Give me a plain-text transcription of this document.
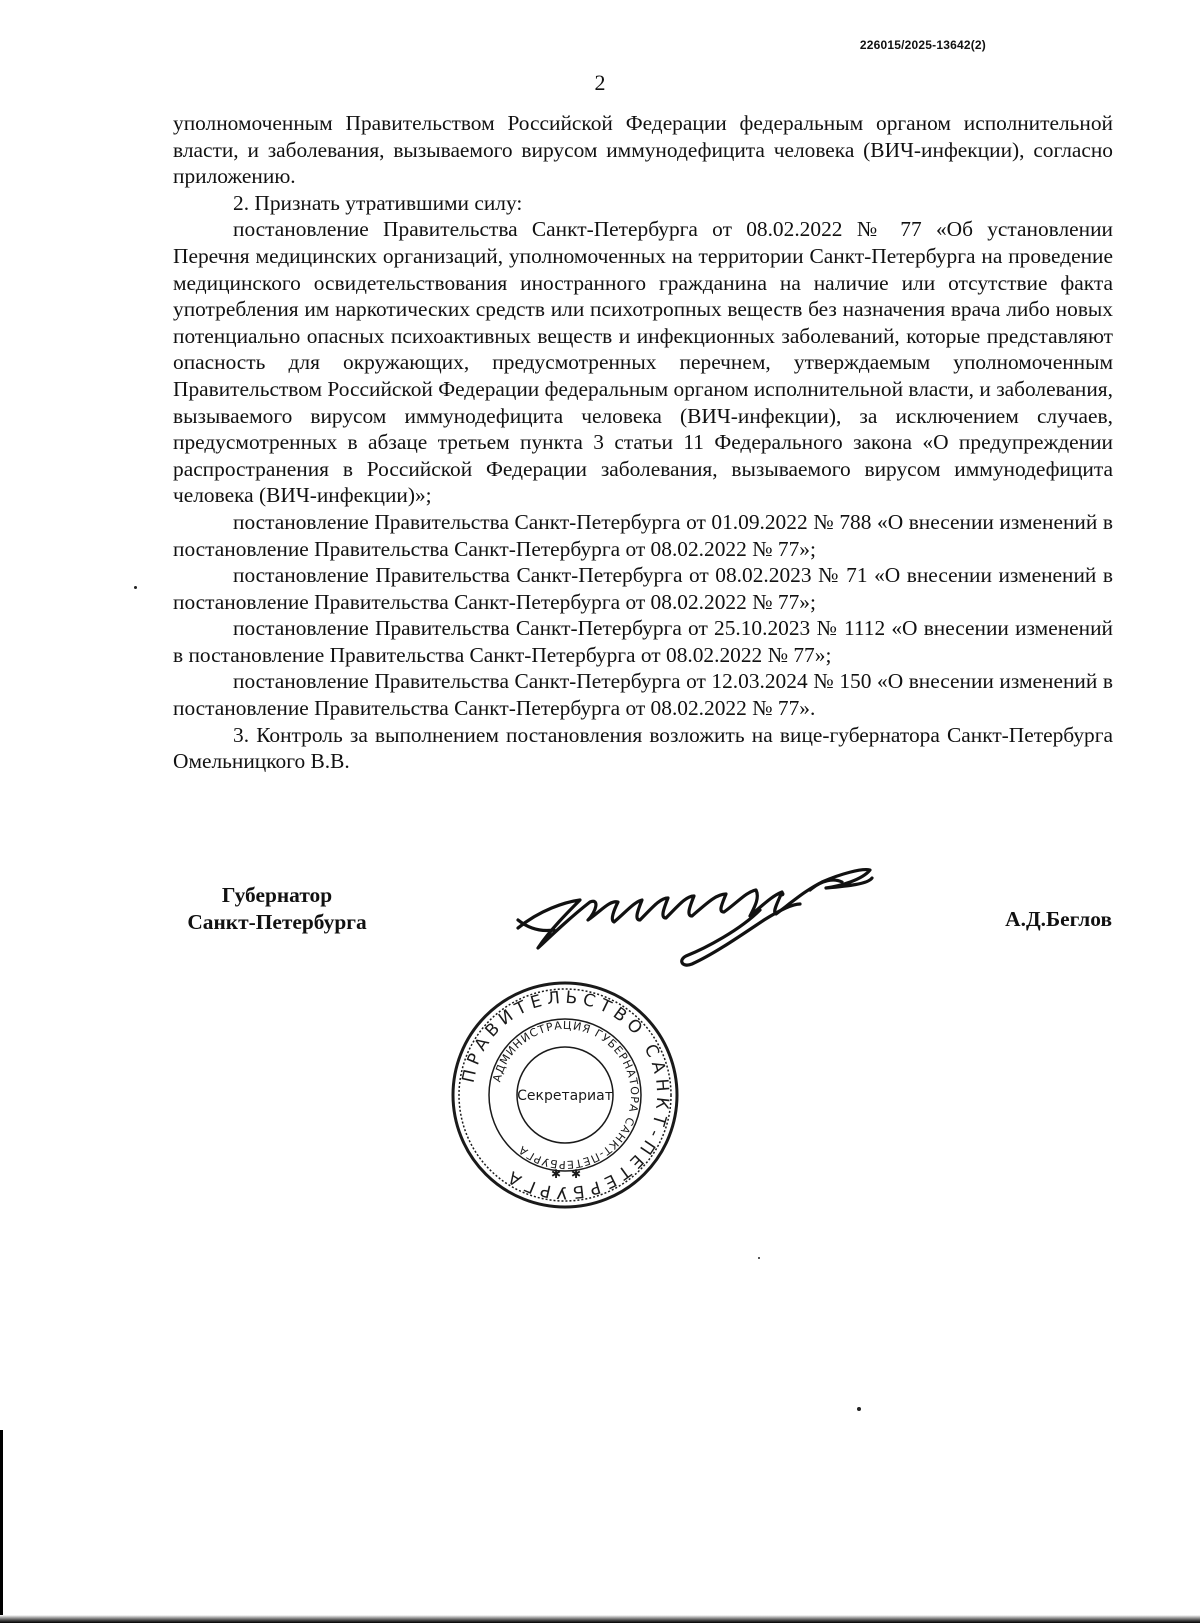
226015/2025-13642(2)
2

уполномоченным Правительством Российской Федерации федеральным органом исполнительной власти, и заболевания, вызываемого вирусом иммунодефицита человека (ВИЧ-инфекции), согласно приложению.

2. Признать утратившими силу:

постановление Правительства Санкт-Петербурга от 08.02.2022 № 77 «Об установлении Перечня медицинских организаций, уполномоченных на территории Санкт-Петербурга на проведение медицинского освидетельствования иностранного гражданина на наличие или отсутствие факта употребления им наркотических средств или психотропных веществ без назначения врача либо новых потенциально опасных психоактивных веществ и инфекционных заболеваний, которые представляют опасность для окружающих, предусмотренных перечнем, утверждаемым уполномоченным Правительством Российской Федерации федеральным органом исполнительной власти, и заболевания, вызываемого вирусом иммунодефицита человека (ВИЧ-инфекции), за исключением случаев, предусмотренных в абзаце третьем пункта 3 статьи 11 Федерального закона «О предупреждении распространения в Российской Федерации заболевания, вызываемого вирусом иммунодефицита человека (ВИЧ-инфекции)»;

постановление Правительства Санкт-Петербурга от 01.09.2022 № 788 «О внесении изменений в постановление Правительства Санкт-Петербурга от 08.02.2022 № 77»;

постановление Правительства Санкт-Петербурга от 08.02.2023 № 71 «О внесении изменений в постановление Правительства Санкт-Петербурга от 08.02.2022 № 77»;

постановление Правительства Санкт-Петербурга от 25.10.2023 № 1112 «О внесении изменений в постановление Правительства Санкт-Петербурга от 08.02.2022 № 77»;

постановление Правительства Санкт-Петербурга от 12.03.2024 № 150 «О внесении изменений в постановление Правительства Санкт-Петербурга от 08.02.2022 № 77».

3. Контроль за выполнением постановления возложить на вице-губернатора Санкт-Петербурга Омельницкого В.В.

Губернатор
Санкт-Петербурга	А.Д.Беглов
ПРАВИТЕЛЬСТВО САНКТ-ПЕТЕРБУРГА
АДМИНИСТРАЦИЯ ГУБЕРНАТОРА САНКТ-ПЕТЕРБУРГА
Секретариат
✱ ✱
